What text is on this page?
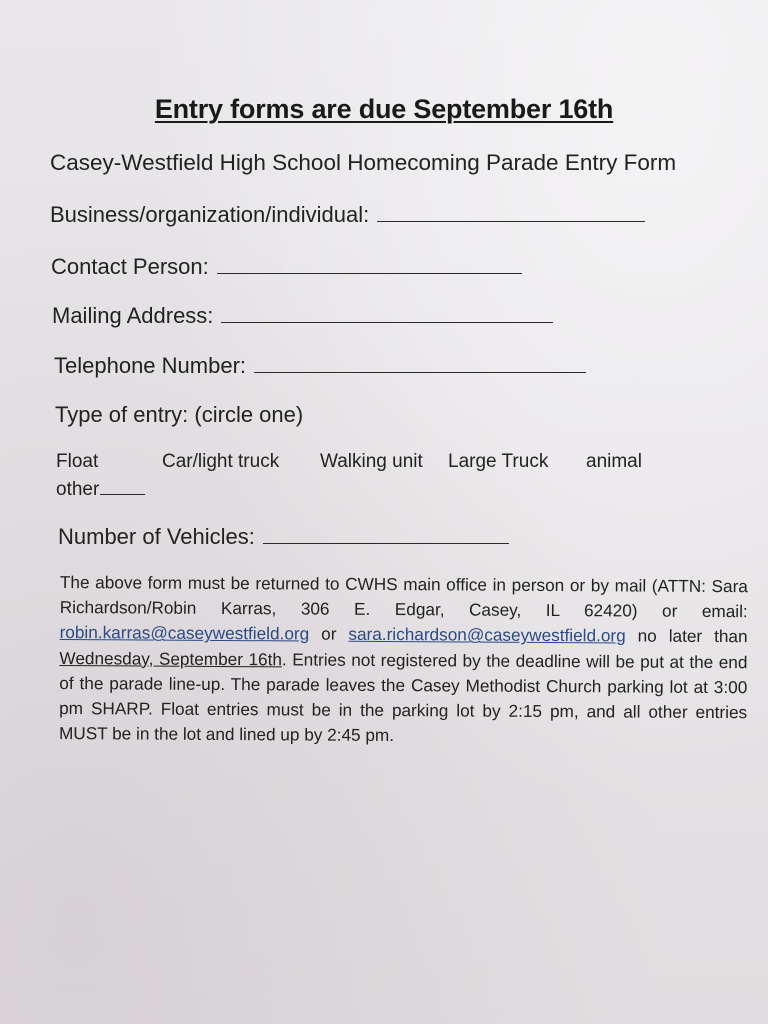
Entry forms are due September 16th
Casey-Westfield High School Homecoming Parade Entry Form
Business/organization/individual:
Contact Person:
Mailing Address:
Telephone Number:
Type of entry: (circle one)
Float	Car/light truck Walking unit Large Truck animal
other
Number of Vehicles:
The above form must be returned to CWHS main office in person or by mail (ATTN: Sara Richardson/Robin Karras, 306 E. Edgar, Casey, IL 62420) or email: robin.karras@caseywestfield.org or sara.richardson@caseywestfield.org no later than Wednesday, September 16th. Entries not registered by the deadline will be put at the end of the parade line-up. The parade leaves the Casey Methodist Church parking lot at 3:00 pm SHARP. Float entries must be in the parking lot by 2:15 pm, and all other entries MUST be in the lot and lined up by 2:45 pm.
